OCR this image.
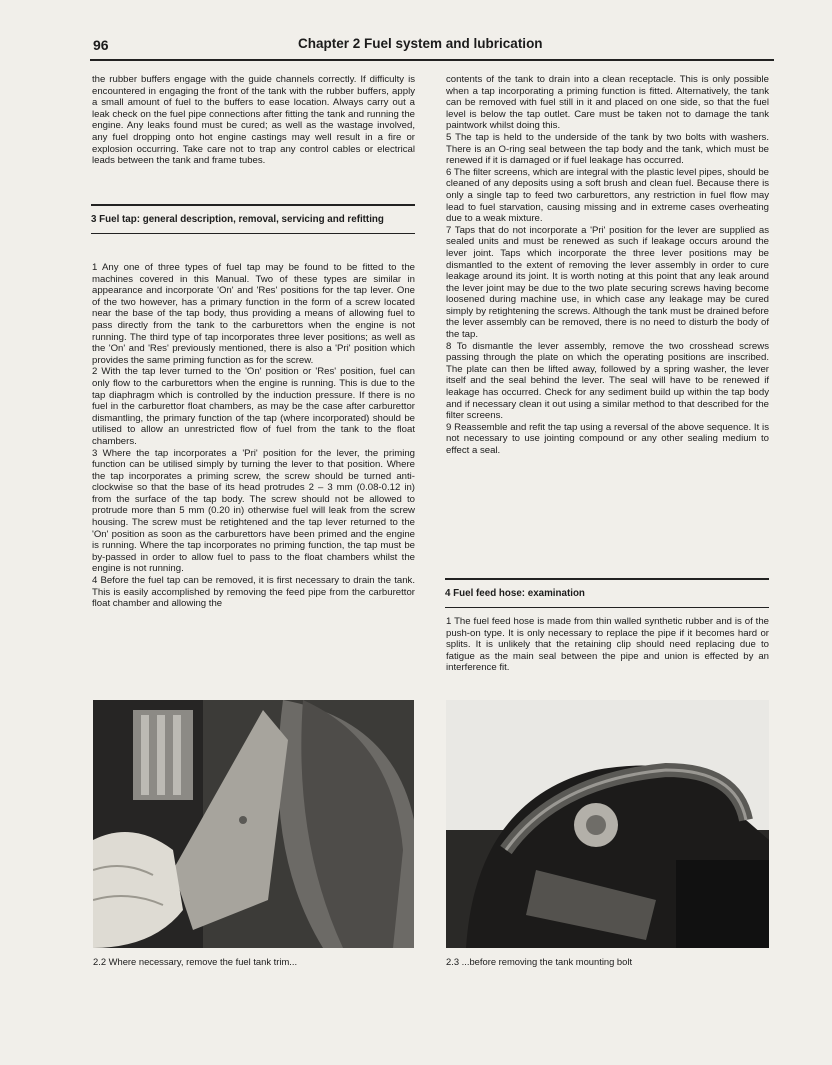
96	Chapter 2 Fuel system and lubrication

the rubber buffers engage with the guide channels correctly. If difficulty is encountered in engaging the front of the tank with the rubber buffers, apply a small amount of fuel to the buffers to ease location. Always carry out a leak check on the fuel pipe connections after fitting the tank and running the engine. Any leaks found must be cured; as well as the wastage involved, any fuel dropping onto hot engine castings may well result in a fire or explosion occurring. Take care not to trap any control cables or electrical leads between the tank and frame tubes.

3 Fuel tap: general description, removal, servicing and refitting

1 Any one of three types of fuel tap may be found to be fitted to the machines covered in this Manual. Two of these types are similar in appearance and incorporate 'On' and 'Res' positions for the tap lever. One of the two however, has a primary function in the form of a screw located near the base of the tap body, thus providing a means of allowing fuel to pass directly from the tank to the carburettors when the engine is not running. The third type of tap incorporates three lever positions; as well as the 'On' and 'Res' previously mentioned, there is also a 'Pri' position which provides the same priming function as for the screw.

2 With the tap lever turned to the 'On' position or 'Res' position, fuel can only flow to the carburettors when the engine is running. This is due to the tap diaphragm which is controlled by the induction pressure. If there is no fuel in the carburettor float chambers, as may be the case after carburettor dismantling, the primary function of the tap (where incorporated) should be utilised to allow an unrestricted flow of fuel from the tank to the float chambers.

3 Where the tap incorporates a 'Pri' position for the lever, the priming function can be utilised simply by turning the lever to that position. Where the tap incorporates a priming screw, the screw should be turned anti-clockwise so that the base of its head protrudes 2 – 3 mm (0.08-0.12 in) from the surface of the tap body. The screw should not be allowed to protrude more than 5 mm (0.20 in) otherwise fuel will leak from the screw housing. The screw must be retightened and the tap lever returned to the 'On' position as soon as the carburettors have been primed and the engine is running. Where the tap incorporates no priming function, the tap must be by-passed in order to allow fuel to pass to the float chambers whilst the engine is not running.

4 Before the fuel tap can be removed, it is first necessary to drain the tank. This is easily accomplished by removing the feed pipe from the carburettor float chamber and allowing the

contents of the tank to drain into a clean receptacle. This is only possible when a tap incorporating a priming function is fitted. Alternatively, the tank can be removed with fuel still in it and placed on one side, so that the fuel level is below the tap outlet. Care must be taken not to damage the tank paintwork whilst doing this.

5 The tap is held to the underside of the tank by two bolts with washers. There is an O-ring seal between the tap body and the tank, which must be renewed if it is damaged or if fuel leakage has occurred.

6 The filter screens, which are integral with the plastic level pipes, should be cleaned of any deposits using a soft brush and clean fuel. Because there is only a single tap to feed two carburettors, any restriction in fuel flow may lead to fuel starvation, causing missing and in extreme cases overheating due to a weak mixture.

7 Taps that do not incorporate a 'Pri' position for the lever are supplied as sealed units and must be renewed as such if leakage occurs around the lever joint. Taps which incorporate the three lever positions may be dismantled to the extent of removing the lever assembly in order to cure leakage around its joint. It is worth noting at this point that any leak around the lever joint may be due to the two plate securing screws having become loosened during machine use, in which case any leakage may be cured simply by retightening the screws. Although the tank must be drained before the lever assembly can be removed, there is no need to disturb the body of the tap.

8 To dismantle the lever assembly, remove the two crosshead screws passing through the plate on which the operating positions are inscribed. The plate can then be lifted away, followed by a spring washer, the lever itself and the seal behind the lever. The seal will have to be renewed if leakage has occurred. Check for any sediment build up within the tap body and if necessary clean it out using a similar method to that described for the filter screens.

9 Reassemble and refit the tap using a reversal of the above sequence. It is not necessary to use jointing compound or any other sealing medium to effect a seal.

4 Fuel feed hose: examination

1 The fuel feed hose is made from thin walled synthetic rubber and is of the push-on type. It is only necessary to replace the pipe if it becomes hard or splits. It is unlikely that the retaining clip should need replacing due to fatigue as the main seal between the pipe and union is effected by an interference fit.

2.2 Where necessary, remove the fuel tank trim...	2.3 ...before removing the tank mounting bolt
